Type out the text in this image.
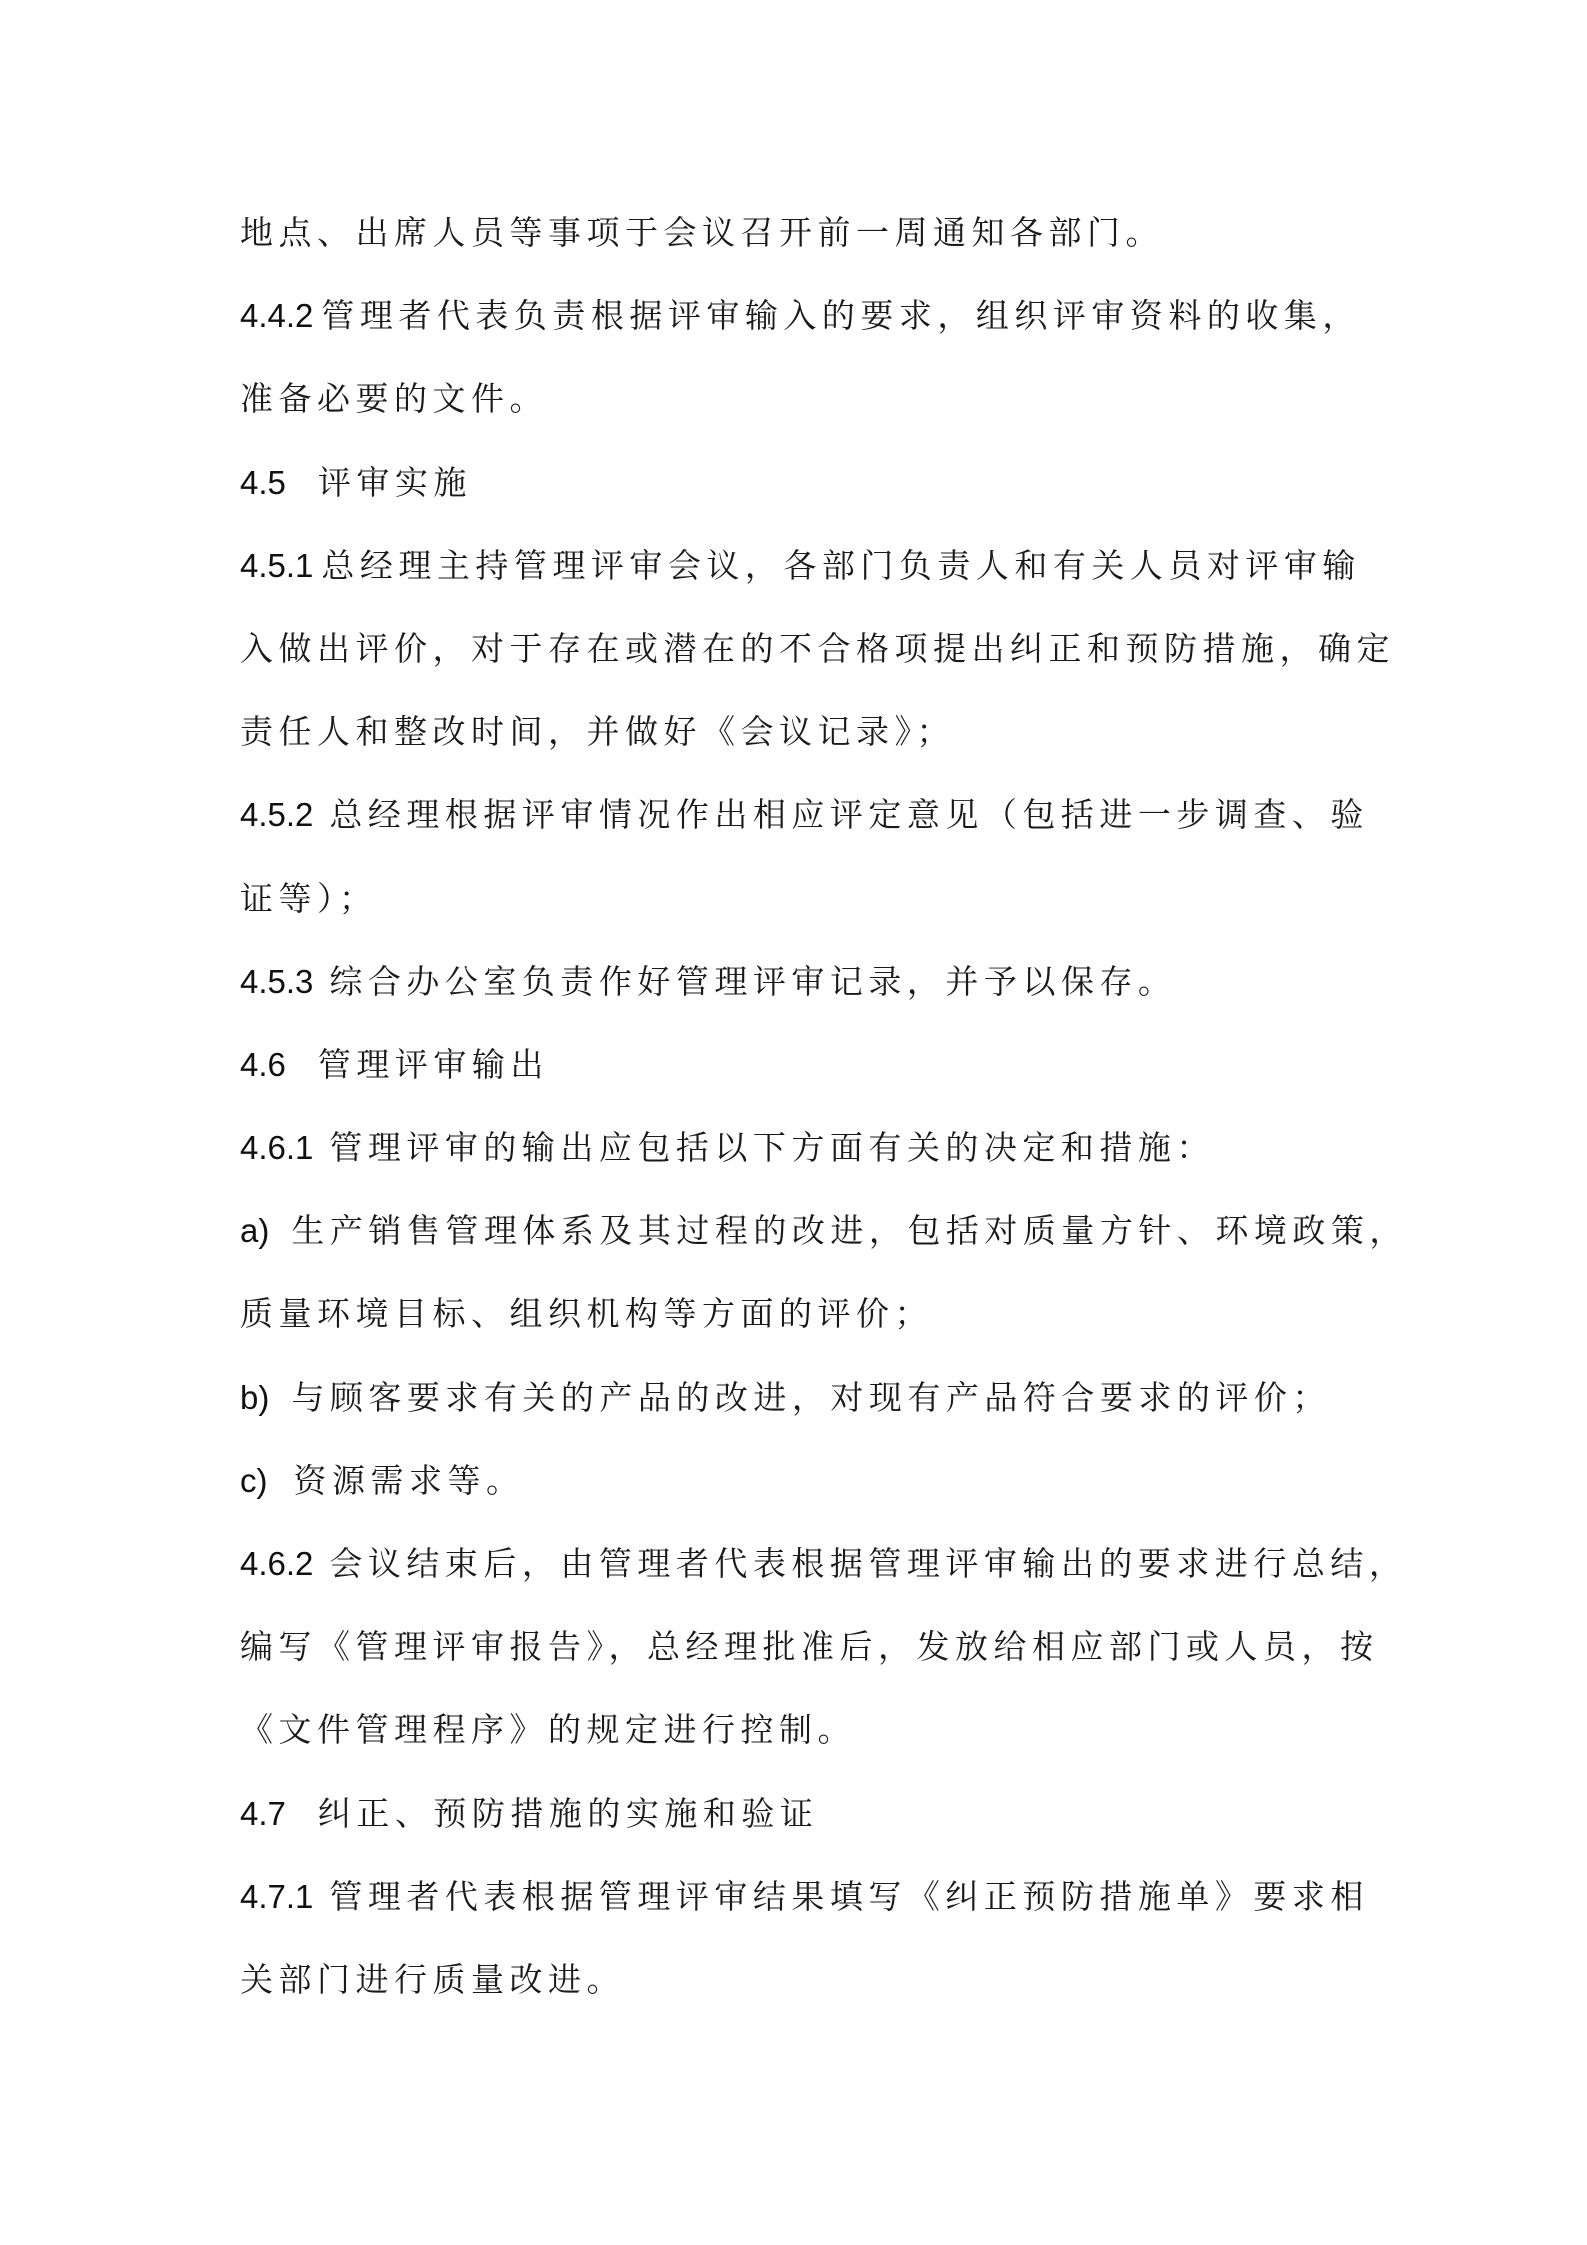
地点、出席人员等事项于会议召开前一周通知各部门。
4.4.2 管理者代表负责根据评审输入的要求，组织评审资料的收集，
准备必要的文件。
4.5 评审实施
4.5.1 总经理主持管理评审会议，各部门负责人和有关人员对评审输
入做出评价，对于存在或潜在的不合格项提出纠正和预防措施，确定
责任人和整改时间，并做好《会议记录》；
4.5.2 总经理根据评审情况作出相应评定意见（包括进一步调查、验
证等）；
4.5.3 综合办公室负责作好管理评审记录，并予以保存。
4.6 管理评审输出
4.6.1 管理评审的输出应包括以下方面有关的决定和措施：
a) 生产销售管理体系及其过程的改进，包括对质量方针、环境政策，
质量环境目标、组织机构等方面的评价；
b) 与顾客要求有关的产品的改进，对现有产品符合要求的评价；
c) 资源需求等。
4.6.2 会议结束后，由管理者代表根据管理评审输出的要求进行总结，
编写《管理评审报告》，总经理批准后，发放给相应部门或人员，按
《文件管理程序》的规定进行控制。
4.7 纠正、预防措施的实施和验证
4.7.1 管理者代表根据管理评审结果填写《纠正预防措施单》要求相
关部门进行质量改进。
